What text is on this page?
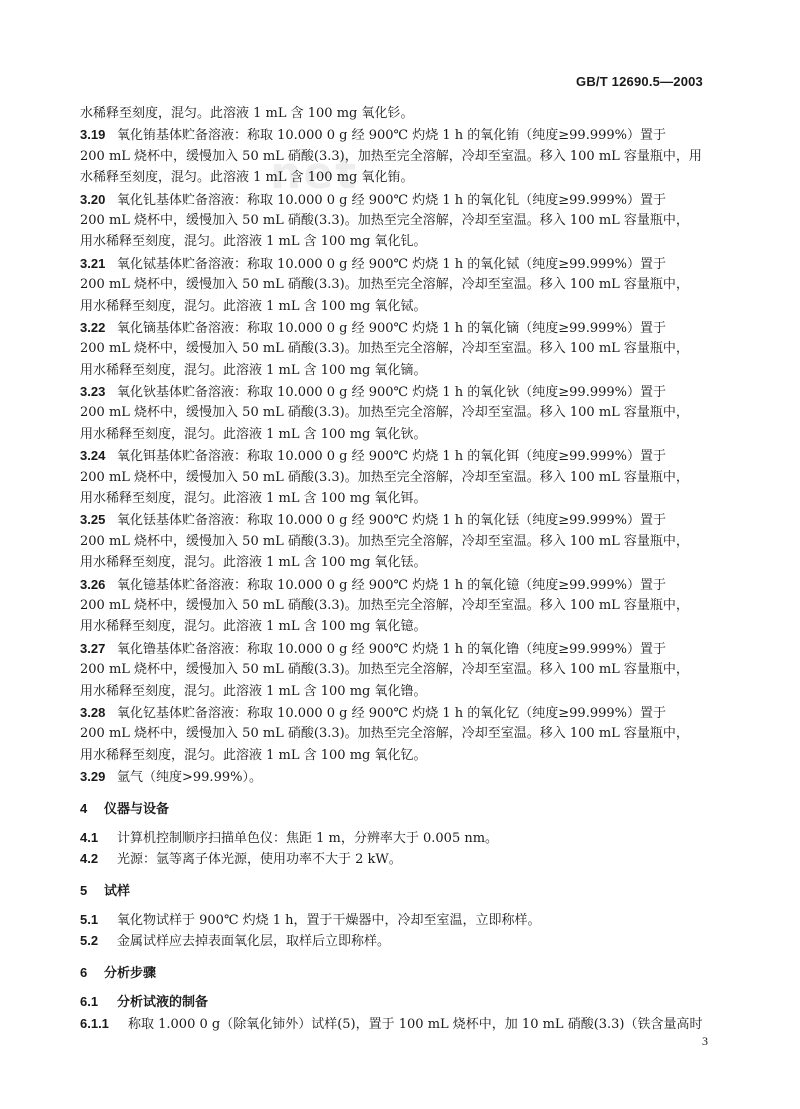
GB/T 12690.5—2003
net
水稀释至刻度，混匀。此溶液 1 mL 含 100 mg 氧化钐。
3.19 氧化铕基体贮备溶液：称取 10.000 0 g 经 900℃ 灼烧 1 h 的氧化铕（纯度≥99.999%）置于
200 mL 烧杯中，缓慢加入 50 mL 硝酸(3.3)，加热至完全溶解，冷却至室温。移入 100 mL 容量瓶中，用
水稀释至刻度，混匀。此溶液 1 mL 含 100 mg 氧化铕。
3.20 氧化钆基体贮备溶液：称取 10.000 0 g 经 900℃ 灼烧 1 h 的氧化钆（纯度≥99.999%）置于
200 mL 烧杯中，缓慢加入 50 mL 硝酸(3.3)。加热至完全溶解，冷却至室温。移入 100 mL 容量瓶中，
用水稀释至刻度，混匀。此溶液 1 mL 含 100 mg 氧化钆。
3.21 氧化铽基体贮备溶液：称取 10.000 0 g 经 900℃ 灼烧 1 h 的氧化铽（纯度≥99.999%）置于
200 mL 烧杯中，缓慢加入 50 mL 硝酸(3.3)。加热至完全溶解，冷却至室温。移入 100 mL 容量瓶中，
用水稀释至刻度，混匀。此溶液 1 mL 含 100 mg 氧化铽。
3.22 氧化镝基体贮备溶液：称取 10.000 0 g 经 900℃ 灼烧 1 h 的氧化镝（纯度≥99.999%）置于
200 mL 烧杯中，缓慢加入 50 mL 硝酸(3.3)。加热至完全溶解，冷却至室温。移入 100 mL 容量瓶中，
用水稀释至刻度，混匀。此溶液 1 mL 含 100 mg 氧化镝。
3.23 氧化钬基体贮备溶液：称取 10.000 0 g 经 900℃ 灼烧 1 h 的氧化钬（纯度≥99.999%）置于
200 mL 烧杯中，缓慢加入 50 mL 硝酸(3.3)。加热至完全溶解，冷却至室温。移入 100 mL 容量瓶中，
用水稀释至刻度，混匀。此溶液 1 mL 含 100 mg 氧化钬。
3.24 氧化铒基体贮备溶液：称取 10.000 0 g 经 900℃ 灼烧 1 h 的氧化铒（纯度≥99.999%）置于
200 mL 烧杯中，缓慢加入 50 mL 硝酸(3.3)。加热至完全溶解，冷却至室温。移入 100 mL 容量瓶中，
用水稀释至刻度，混匀。此溶液 1 mL 含 100 mg 氧化铒。
3.25 氧化铥基体贮备溶液：称取 10.000 0 g 经 900℃ 灼烧 1 h 的氧化铥（纯度≥99.999%）置于
200 mL 烧杯中，缓慢加入 50 mL 硝酸(3.3)。加热至完全溶解，冷却至室温。移入 100 mL 容量瓶中，
用水稀释至刻度，混匀。此溶液 1 mL 含 100 mg 氧化铥。
3.26 氧化镱基体贮备溶液：称取 10.000 0 g 经 900℃ 灼烧 1 h 的氧化镱（纯度≥99.999%）置于
200 mL 烧杯中，缓慢加入 50 mL 硝酸(3.3)。加热至完全溶解，冷却至室温。移入 100 mL 容量瓶中，
用水稀释至刻度，混匀。此溶液 1 mL 含 100 mg 氧化镱。
3.27 氧化镥基体贮备溶液：称取 10.000 0 g 经 900℃ 灼烧 1 h 的氧化镥（纯度≥99.999%）置于
200 mL 烧杯中，缓慢加入 50 mL 硝酸(3.3)。加热至完全溶解，冷却至室温。移入 100 mL 容量瓶中，
用水稀释至刻度，混匀。此溶液 1 mL 含 100 mg 氧化镥。
3.28 氧化钇基体贮备溶液：称取 10.000 0 g 经 900℃ 灼烧 1 h 的氧化钇（纯度≥99.999%）置于
200 mL 烧杯中，缓慢加入 50 mL 硝酸(3.3)。加热至完全溶解，冷却至室温。移入 100 mL 容量瓶中，
用水稀释至刻度，混匀。此溶液 1 mL 含 100 mg 氧化钇。
3.29 氩气（纯度>99.99%）。
4 仪器与设备
4.1 计算机控制顺序扫描单色仪：焦距 1 m，分辨率大于 0.005 nm。
4.2 光源：氩等离子体光源，使用功率不大于 2 kW。
5 试样
5.1 氧化物试样于 900℃ 灼烧 1 h，置于干燥器中，冷却至室温，立即称样。
5.2 金属试样应去掉表面氧化层，取样后立即称样。
6 分析步骤
6.1 分析试液的制备
6.1.1 称取 1.000 0 g（除氧化铈外）试样(5)，置于 100 mL 烧杯中，加 10 mL 硝酸(3.3)（铁含量高时
3
